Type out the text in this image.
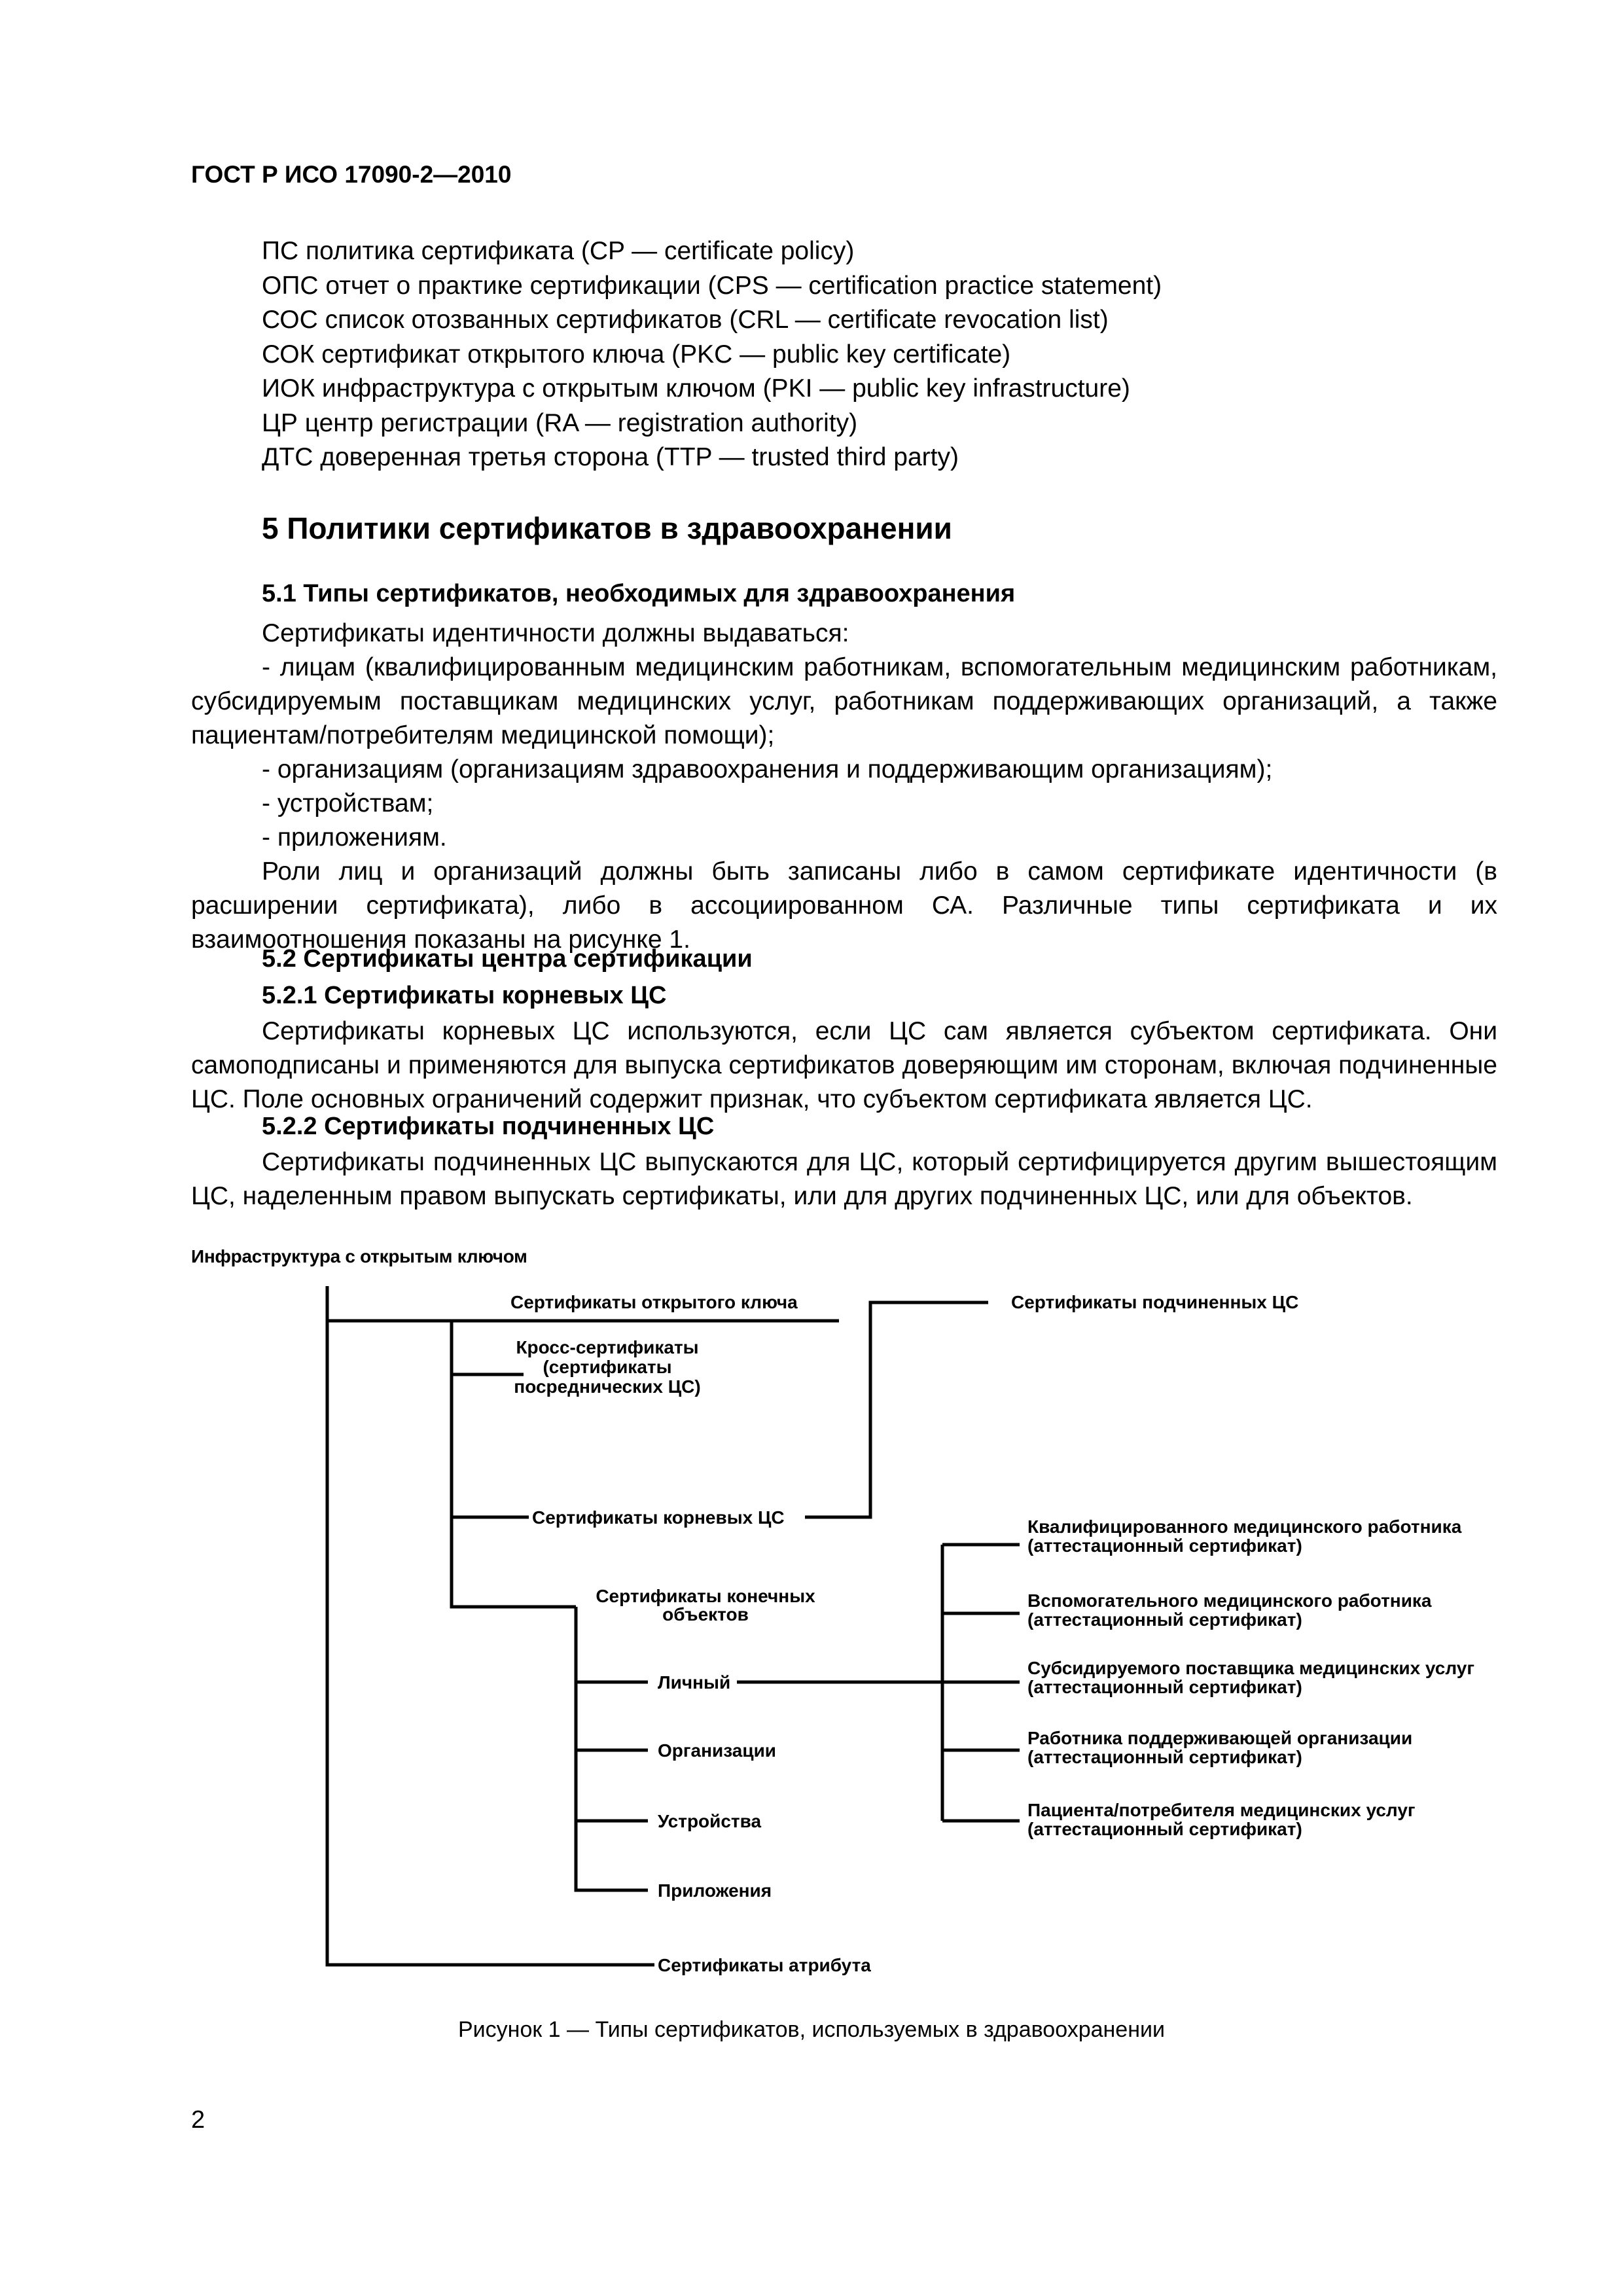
ГОСТ Р ИСО 17090-2—2010
ПС политика сертификата (CP — certificate policy)
ОПС отчет о практике сертификации (CPS — certification practice statement)
СОС список отозванных сертификатов (CRL — certificate revocation list)
СОК сертификат открытого ключа (PKC — public key certificate)
ИОК инфраструктура с открытым ключом (PKI — public key infrastructure)
ЦР центр регистрации (RA — registration authority)
ДТС доверенная третья сторона (TTP — trusted third party)
5 Политики сертификатов в здравоохранении
5.1 Типы сертификатов, необходимых для здравоохранения

Сертификаты идентичности должны выдаваться:

- лицам (квалифицированным медицинским работникам, вспомогательным медицинским работникам, субсидируемым поставщикам медицинских услуг, работникам поддерживающих организаций, а также пациентам/потребителям медицинской помощи);

- организациям (организациям здравоохранения и поддерживающим организациям);

- устройствам;

- приложениям.

Роли лиц и организаций должны быть записаны либо в самом сертификате идентичности (в расширении сертификата), либо в ассоциированном СА. Различные типы сертификата и их взаимоотношения показаны на рисунке 1.

5.2 Сертификаты центра сертификации
5.2.1 Сертификаты корневых ЦС

Сертификаты корневых ЦС используются, если ЦС сам является субъектом сертификата. Они самоподписаны и применяются для выпуска сертификатов доверяющим им сторонам, включая подчиненные ЦС. Поле основных ограничений содержит признак, что субъектом сертификата является ЦС.

5.2.2 Сертификаты подчиненных ЦС

Сертификаты подчиненных ЦС выпускаются для ЦС, который сертифицируется другим вышестоящим ЦС, наделенным правом выпускать сертификаты, или для других подчиненных ЦС, или для объектов.

Инфраструктура с открытым ключом
Сертификаты открытого ключа	Сертификаты подчиненных ЦС
Кросс-сертификаты
(сертификаты
посреднических ЦС)
Сертификаты корневых ЦС
Сертификаты конечных
объектов
Личный
Организации
Устройства
Приложения
Сертификаты атрибута
Квалифицированного медицинского работника
(аттестационный сертификат)
Вспомогательного медицинского работника
(аттестационный сертификат)
Субсидируемого поставщика медицинских услуг
(аттестационный сертификат)
Работника поддерживающей организации
(аттестационный сертификат)
Пациента/потребителя медицинских услуг
(аттестационный сертификат)
Рисунок 1 — Типы сертификатов, используемых в здравоохранении
2
